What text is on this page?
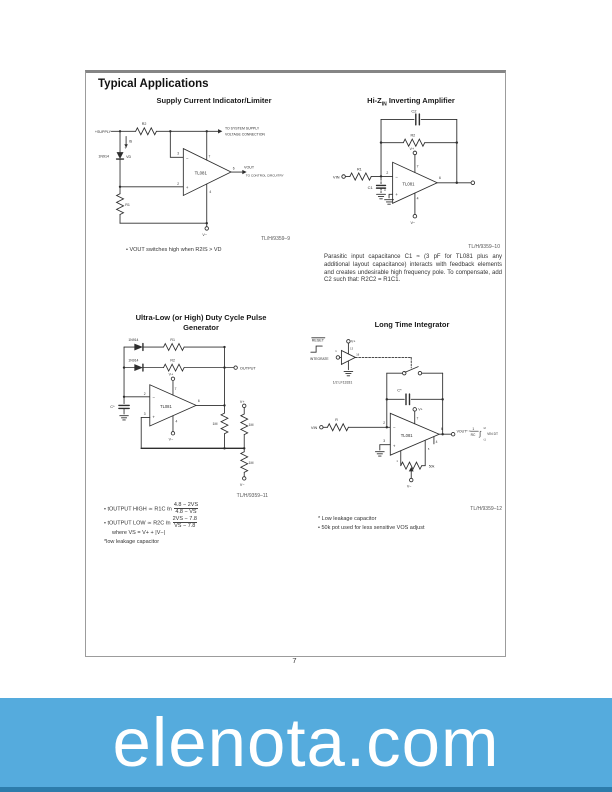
Typical Applications
Supply Current Indicator/Limiter
+SUPPLY
TO SYSTEM SUPPLY
VOLTAGE CONNECTION
R2
IS
+
1N914	VD	−
+
TL081
3
2
7
4
R1
V−
6 VOUT
TO CONTROL CIRCUITRY
TL/H/9359–9
• VOUT switches high when R2IS > VD
$Hi-Z_{IN}$ Inverting Amplifier
C2
R2
VIN
R1
C1
−
+
TL081
2
3
V+
7
V−
4
6
TL/H/9359–10
Parasitic input capacitance C1 ≈ (3 pF for TL081 plus any additional layout capacitance) interacts with feedback elements and creates undesirable high frequency pole. To compensate, add C2 such that: R2C2 = R1C1.
Ultra-Low (or High) Duty Cycle Pulse
Generator
1N914	R1
1N914	R2
OUTPUT
C*
−
+
TL081
2
3
V+
7
V−
4
6
1M
V+
1M
1M
V−
TL/H/9359–11
• tOUTPUT HIGH ≃ R1C ℓn $\frac{4.8 - 2VS}{4.8 - VS}$
• tOUTPUT LOW ≃ R2C ℓn $\frac{2VS - 7.8}{VS - 7.8}$
where VS = V+ + |V−|
*low leakage capacitor
Long Time Integrator
RESET
INTEGRATE
V+
1
13
16
1/2 LF13331
C*
VIN
R
−
+
TL081
2
3
V+
7
4
6
VOUT* =
1
RC ∫
t2
t1
VIN DT
1
5
50k
V−
TL/H/9359–12
* Low leakage capacitor
• 50k pot used for less sensitive VOS adjust
7
elenota.com
